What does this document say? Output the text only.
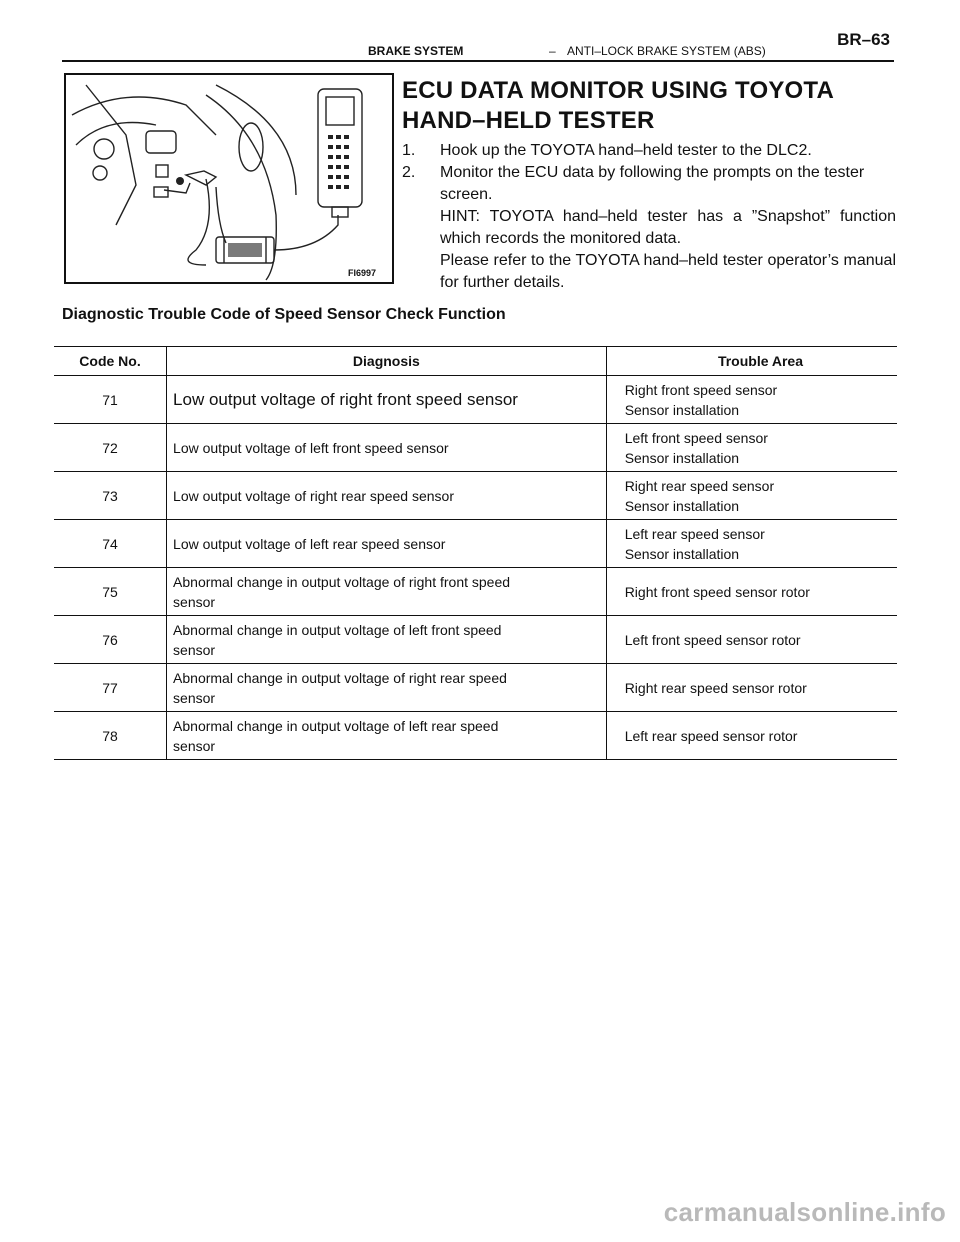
BRAKE SYSTEM	– ANTI–LOCK BRAKE SYSTEM (ABS)
BR–63
FI6997
ECU DATA MONITOR USING TOYOTA
HAND–HELD TESTER
1.	Hook up the TOYOTA hand–held tester to the DLC2.
2.	Monitor the ECU data by following the prompts on the tester screen.
HINT: TOYOTA hand–held tester has a ”Snapshot” function which records the monitored data.
Please refer to the TOYOTA hand–held tester operator’s manual for further details.
Diagnostic Trouble Code of Speed Sensor Check Function
Code No.	Diagnosis	Trouble Area
71	Low output voltage of right front speed sensor	Right front speed sensor
Sensor installation

72	Low output voltage of left front speed sensor	Left front speed sensor
Sensor installation

73	Low output voltage of right rear speed sensor	Right rear speed sensor
Sensor installation

74	Low output voltage of left rear speed sensor	Left rear speed sensor
Sensor installation

75	Abnormal change in output voltage of right front speed
sensor	Right front speed sensor rotor
76	Abnormal change in output voltage of left front speed
sensor	Left front speed sensor rotor
77	Abnormal change in output voltage of right rear speed
sensor	Right rear speed sensor rotor
78	Abnormal change in output voltage of left rear speed
sensor	Left rear speed sensor rotor
carmanualsonline.info
